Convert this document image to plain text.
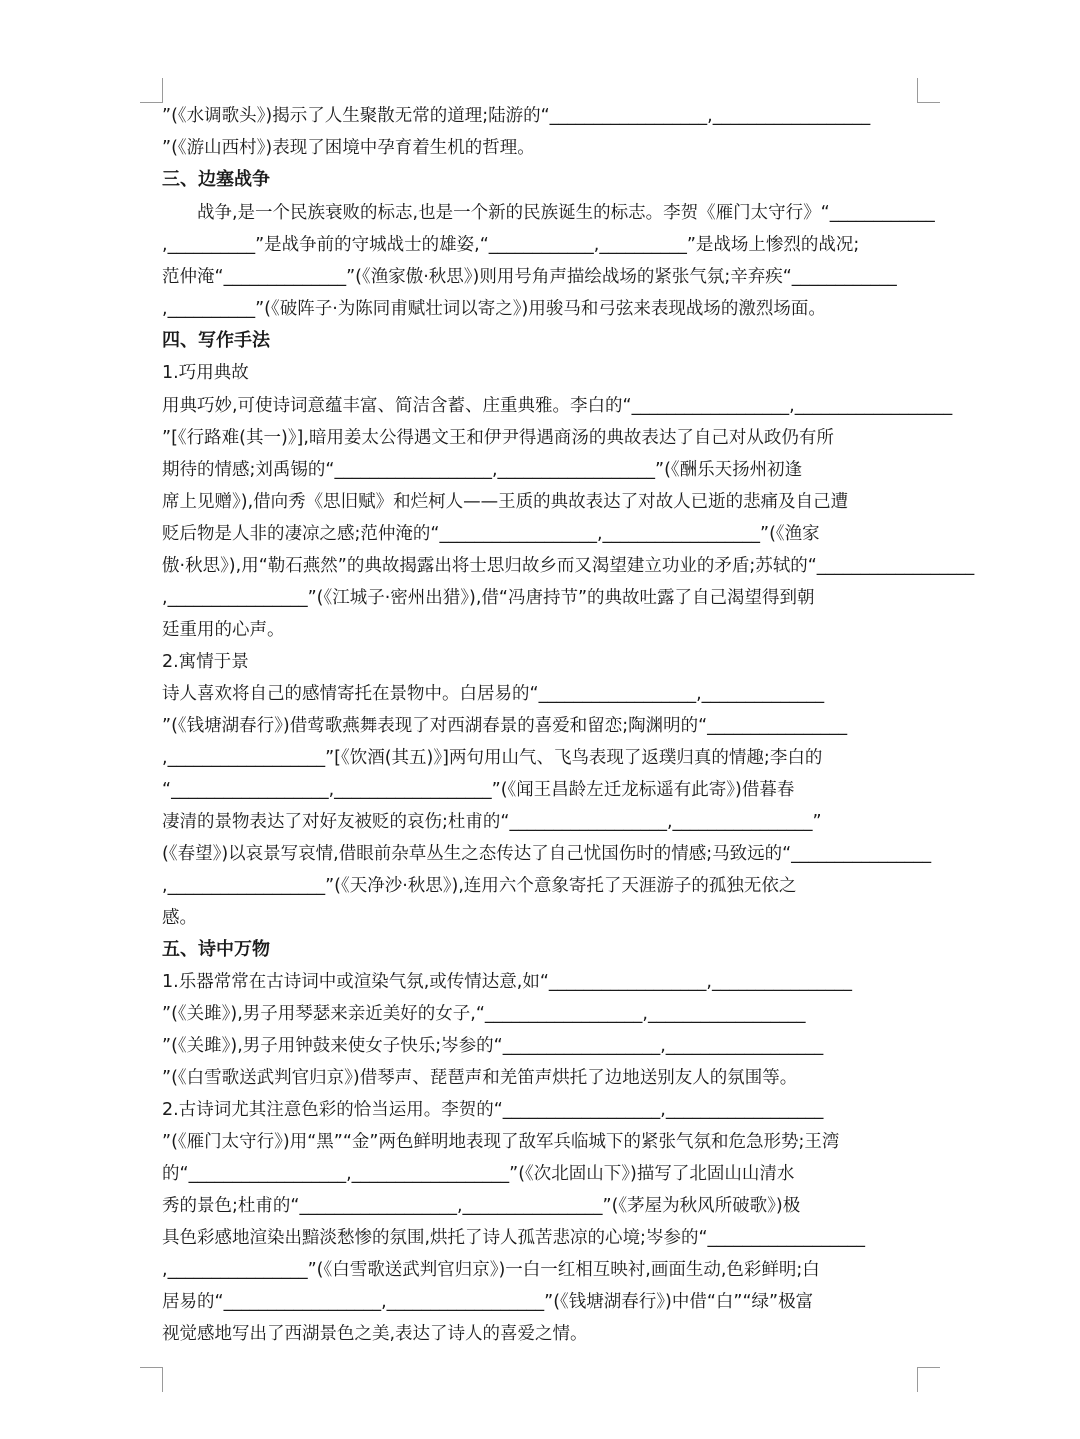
”(《水调歌头》)揭示了人生聚散无常的道理;陆游的“__________________,__________________
”(《游山西村》)表现了困境中孕育着生机的哲理。
三、边塞战争
　　战争,是一个民族衰败的标志,也是一个新的民族诞生的标志。李贺《雁门太守行》“____________
,__________”是战争前的守城战士的雄姿,“____________,__________”是战场上惨烈的战况;
范仲淹“______________”(《渔家傲·秋思》)则用号角声描绘战场的紧张气氛;辛弃疾“____________
,__________”(《破阵子·为陈同甫赋壮词以寄之》)用骏马和弓弦来表现战场的激烈场面。
四、写作手法
1.巧用典故
用典巧妙,可使诗词意蕴丰富、简洁含蓄、庄重典雅。李白的“__________________,__________________
”[《行路难(其一)》],暗用姜太公得遇文王和伊尹得遇商汤的典故表达了自己对从政仍有所
期待的情感;刘禹锡的“__________________,__________________”(《酬乐天扬州初逢
席上见赠》),借向秀《思旧赋》和烂柯人——王质的典故表达了对故人已逝的悲痛及自己遭
贬后物是人非的凄凉之感;范仲淹的“__________________,__________________”(《渔家
傲·秋思》),用“勒石燕然”的典故揭露出将士思归故乡而又渴望建立功业的矛盾;苏轼的“__________________
,________________”(《江城子·密州出猎》),借“冯唐持节”的典故吐露了自己渴望得到朝
廷重用的心声。
2.寓情于景
诗人喜欢将自己的感情寄托在景物中。白居易的“__________________,______________
”(《钱塘湖春行》)借莺歌燕舞表现了对西湖春景的喜爱和留恋;陶渊明的“________________
,__________________”[《饮酒(其五)》]两句用山气、飞鸟表现了返璞归真的情趣;李白的
“__________________,__________________”(《闻王昌龄左迁龙标遥有此寄》)借暮春
凄清的景物表达了对好友被贬的哀伤;杜甫的“__________________,________________”
(《春望》)以哀景写哀情,借眼前杂草丛生之态传达了自己忧国伤时的情感;马致远的“________________
,__________________”(《天净沙·秋思》),连用六个意象寄托了天涯游子的孤独无依之
感。
五、诗中万物
1.乐器常常在古诗词中或渲染气氛,或传情达意,如“__________________,________________
”(《关雎》),男子用琴瑟来亲近美好的女子,“__________________,__________________
”(《关雎》),男子用钟鼓来使女子快乐;岑参的“__________________,__________________
”(《白雪歌送武判官归京》)借琴声、琵琶声和羌笛声烘托了边地送别友人的氛围等。
2.古诗词尤其注意色彩的恰当运用。李贺的“__________________,__________________
”(《雁门太守行》)用“黑”“金”两色鲜明地表现了敌军兵临城下的紧张气氛和危急形势;王湾
的“__________________,__________________”(《次北固山下》)描写了北固山山清水
秀的景色;杜甫的“__________________,________________”(《茅屋为秋风所破歌》)极
具色彩感地渲染出黯淡愁惨的氛围,烘托了诗人孤苦悲凉的心境;岑参的“__________________
,________________”(《白雪歌送武判官归京》)一白一红相互映衬,画面生动,色彩鲜明;白
居易的“__________________,__________________”(《钱塘湖春行》)中借“白”“绿”极富
视觉感地写出了西湖景色之美,表达了诗人的喜爱之情。
